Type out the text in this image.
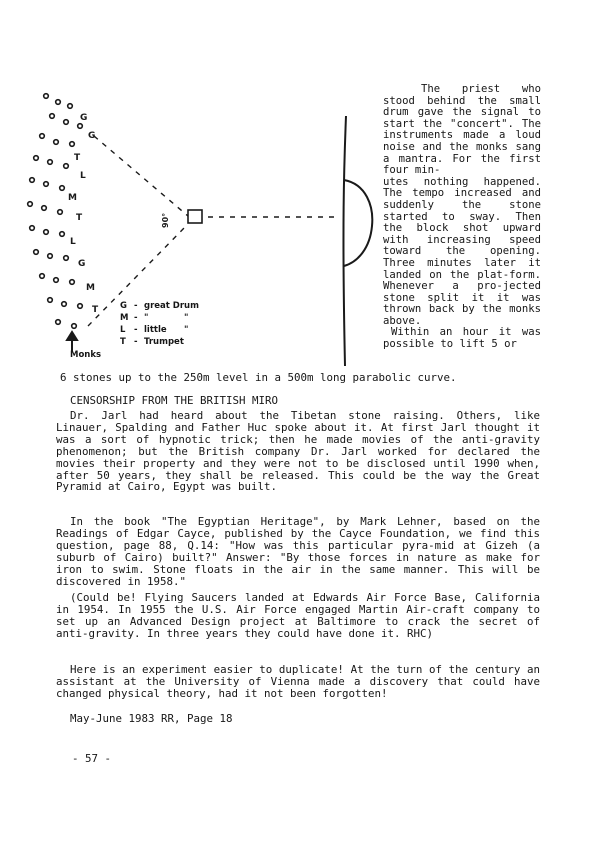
G
G
T
L
M
T
L
G
M
T
90°
Monks
G - great Drum
M - "	"
L	- little	"
T - Trumpet

The priest who stood behind the small drum gave the signal to start the "concert". The instruments made a loud noise and the monks sang a mantra. For the first four min-

utes nothing happened. The tempo increased and suddenly the stone started to sway. Then the block shot upward with increasing speed toward the opening. Three minutes later it landed on the plat-form. Whenever a pro-jected stone split it it was thrown back by the monks above.

Within an hour it was possible to lift 5 or

6 stones up to the 250m level in a 500m long parabolic curve.
CENSORSHIP FROM THE BRITISH MIRO
Dr. Jarl had heard about the Tibetan stone raising. Others, like Linauer, Spalding and Father Huc spoke about it. At first Jarl thought it was a sort of hypnotic trick; then he made movies of the anti-gravity phenomenon; but the British company Dr. Jarl worked for declared the movies their property and they were not to be disclosed until 1990 when, after 50 years, they shall be released. This could be the way the Great Pyramid at Cairo, Egypt was built.
In the book "The Egyptian Heritage", by Mark Lehner, based on the Readings of Edgar Cayce, published by the Cayce Foundation, we find this question, page 88, Q.14: "How was this particular pyra-mid at Gizeh (a suburb of Cairo) built?" Answer: "By those forces in nature as make for iron to swim. Stone floats in the air in the same manner. This will be discovered in 1958."
(Could be! Flying Saucers landed at Edwards Air Force Base, California in 1954. In 1955 the U.S. Air Force engaged Martin Air-craft company to set up an Advanced Design project at Baltimore to crack the secret of anti-gravity. In three years they could have done it. RHC)
Here is an experiment easier to duplicate! At the turn of the century an assistant at the University of Vienna made a discovery that could have changed physical theory, had it not been forgotten!
May-June 1983 RR, Page 18
- 57 -
